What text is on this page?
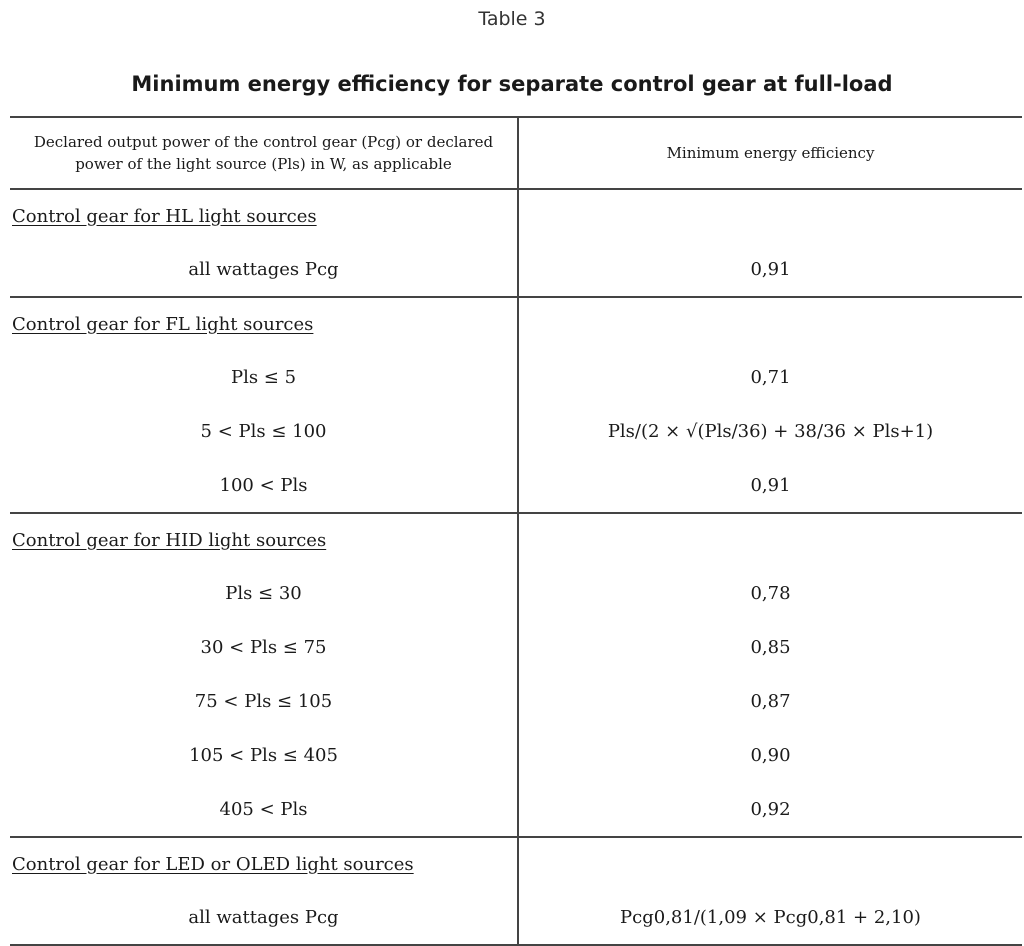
Table 3
Minimum energy efficiency for separate control gear at full-load
Declared output power of the control gear (Pcg) or declared power of the light source (Pls) in W, as applicable	Minimum energy efficiency
Control gear for HL light sources	
all wattages Pcg	0,91
Control gear for FL light sources	
Pls ≤ 5	0,71
5 < Pls ≤ 100	Pls/(2 × √(Pls/36) + 38/36 × Pls+1)
100 < Pls	0,91
Control gear for HID light sources	
Pls ≤ 30	0,78
30 < Pls ≤ 75	0,85
75 < Pls ≤ 105	0,87
105 < Pls ≤ 405	0,90
405 < Pls	0,92
Control gear for LED or OLED light sources	
all wattages Pcg	Pcg0,81/(1,09 × Pcg0,81 + 2,10)
